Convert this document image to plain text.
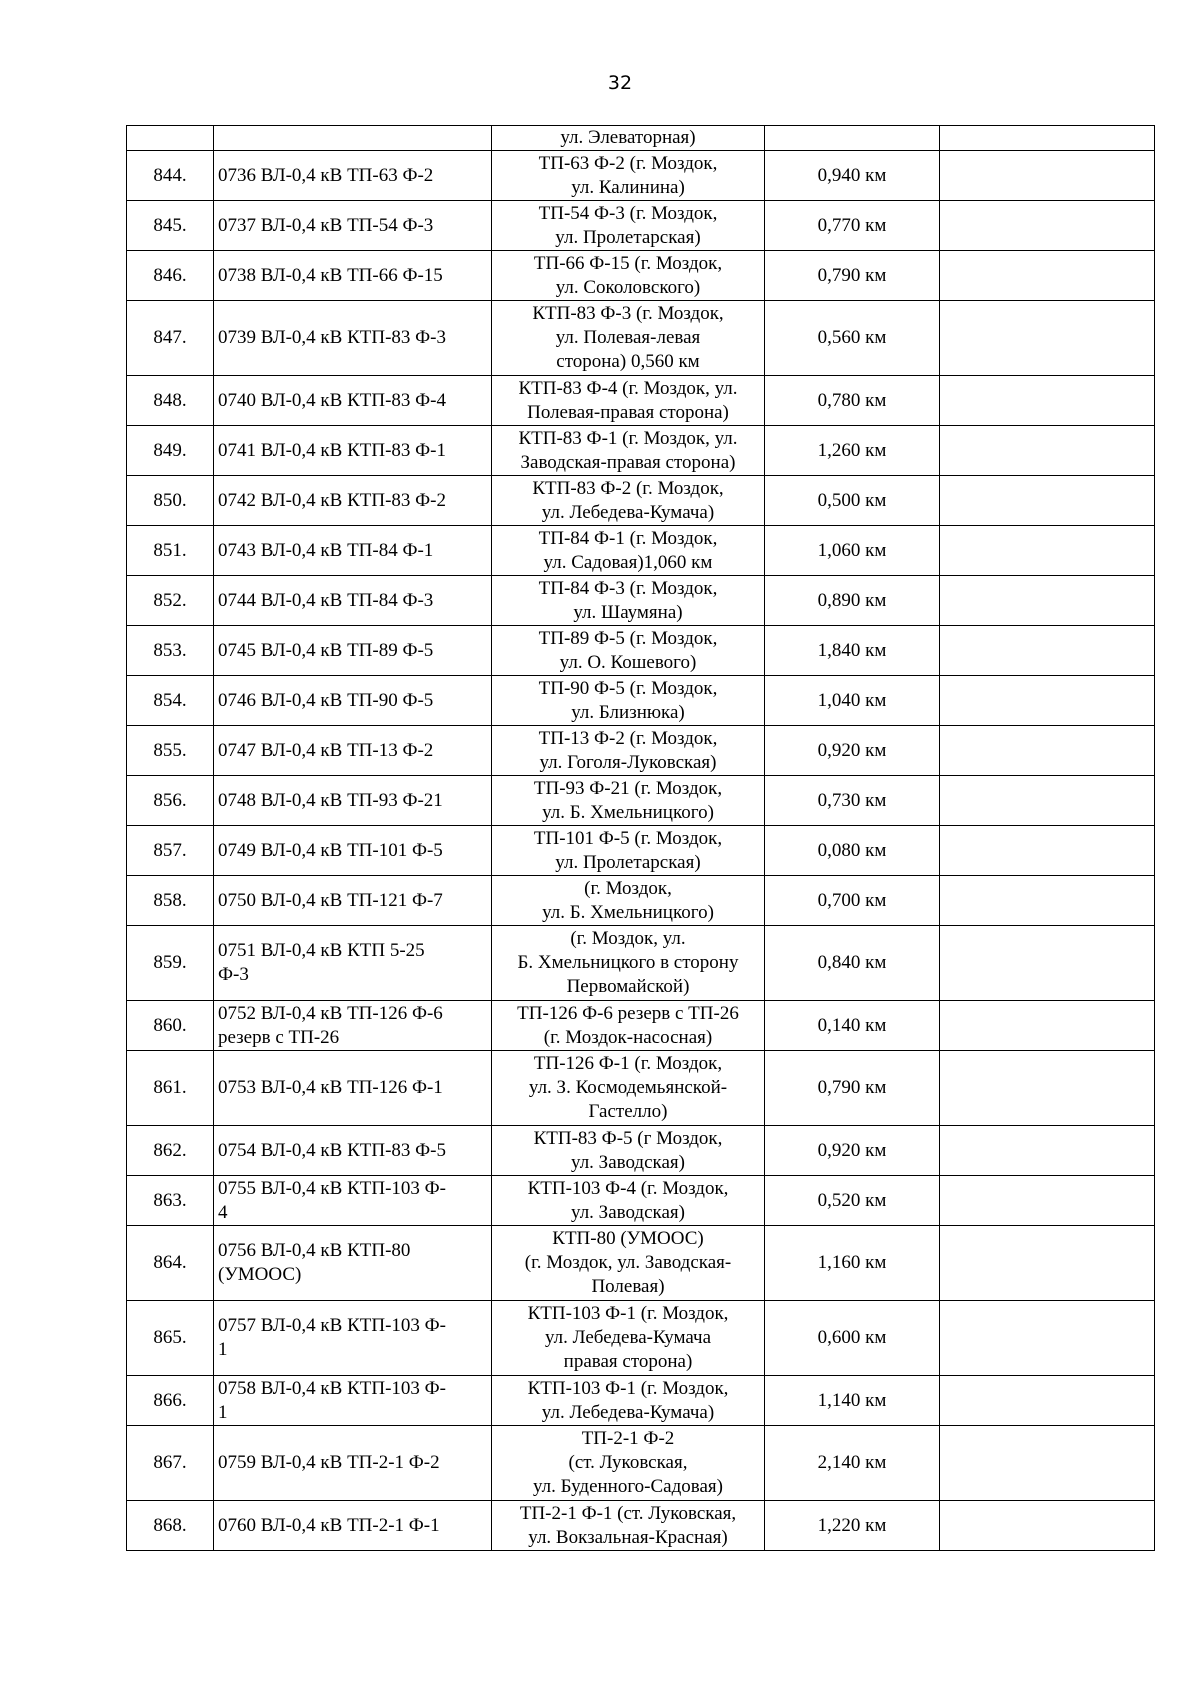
32
		ул. Элеваторная)		
844.	0736 ВЛ-0,4 кВ ТП-63 Ф-2	ТП-63 Ф-2 (г. Моздок,
ул. Калинина)	0,940 км	
845.	0737 ВЛ-0,4 кВ ТП-54 Ф-3	ТП-54 Ф-3 (г. Моздок,
ул. Пролетарская)	0,770 км	
846.	0738 ВЛ-0,4 кВ ТП-66 Ф-15	ТП-66 Ф-15 (г. Моздок,
ул. Соколовского)	0,790 км	
847.	0739 ВЛ-0,4 кВ КТП-83 Ф-3	КТП-83 Ф-3 (г. Моздок,
ул. Полевая-левая
сторона) 0,560 км	0,560 км	
848.	0740 ВЛ-0,4 кВ КТП-83 Ф-4	КТП-83 Ф-4 (г. Моздок, ул.
Полевая-правая сторона)	0,780 км	
849.	0741 ВЛ-0,4 кВ КТП-83 Ф-1	КТП-83 Ф-1 (г. Моздок, ул.
Заводская-правая сторона)	1,260 км	
850.	0742 ВЛ-0,4 кВ КТП-83 Ф-2	КТП-83 Ф-2 (г. Моздок,
ул. Лебедева-Кумача)	0,500 км	
851.	0743 ВЛ-0,4 кВ ТП-84 Ф-1	ТП-84 Ф-1 (г. Моздок,
ул. Садовая)1,060 км	1,060 км	
852.	0744 ВЛ-0,4 кВ ТП-84 Ф-3	ТП-84 Ф-3 (г. Моздок,
ул. Шаумяна)	0,890 км	
853.	0745 ВЛ-0,4 кВ ТП-89 Ф-5	ТП-89 Ф-5 (г. Моздок,
ул. О. Кошевого)	1,840 км	
854.	0746 ВЛ-0,4 кВ ТП-90 Ф-5	ТП-90 Ф-5 (г. Моздок,
ул. Близнюка)	1,040 км	
855.	0747 ВЛ-0,4 кВ ТП-13 Ф-2	ТП-13 Ф-2 (г. Моздок,
ул. Гоголя-Луковская)	0,920 км	
856.	0748 ВЛ-0,4 кВ ТП-93 Ф-21	ТП-93 Ф-21 (г. Моздок,
ул. Б. Хмельницкого)	0,730 км	
857.	0749 ВЛ-0,4 кВ ТП-101 Ф-5	ТП-101 Ф-5 (г. Моздок,
ул. Пролетарская)	0,080 км	
858.	0750 ВЛ-0,4 кВ ТП-121 Ф-7	(г. Моздок,
ул. Б. Хмельницкого)	0,700 км	
859.	0751 ВЛ-0,4 кВ КТП 5-25
Ф-3	(г. Моздок, ул.
Б. Хмельницкого в сторону
Первомайской)	0,840 км	
860.	0752 ВЛ-0,4 кВ ТП-126 Ф-6
резерв с ТП-26	ТП-126 Ф-6 резерв с ТП-26
(г. Моздок-насосная)	0,140 км	
861.	0753 ВЛ-0,4 кВ ТП-126 Ф-1	ТП-126 Ф-1 (г. Моздок,
ул. З. Космодемьянской-
Гастелло)	0,790 км	
862.	0754 ВЛ-0,4 кВ КТП-83 Ф-5	КТП-83 Ф-5 (г Моздок,
ул. Заводская)	0,920 км	
863.	0755 ВЛ-0,4 кВ КТП-103 Ф-
4	КТП-103 Ф-4 (г. Моздок,
ул. Заводская)	0,520 км	
864.	0756 ВЛ-0,4 кВ КТП-80
(УМООС)	КТП-80 (УМООС)
(г. Моздок, ул. Заводская-
Полевая)	1,160 км	
865.	0757 ВЛ-0,4 кВ КТП-103 Ф-
1	КТП-103 Ф-1 (г. Моздок,
ул. Лебедева-Кумача
правая сторона)	0,600 км	
866.	0758 ВЛ-0,4 кВ КТП-103 Ф-
1	КТП-103 Ф-1 (г. Моздок,
ул. Лебедева-Кумача)	1,140 км	
867.	0759 ВЛ-0,4 кВ ТП-2-1 Ф-2	ТП-2-1 Ф-2
(ст. Луковская,
ул. Буденного-Садовая)	2,140 км	
868.	0760 ВЛ-0,4 кВ ТП-2-1 Ф-1	ТП-2-1 Ф-1 (ст. Луковская,
ул. Вокзальная-Красная)	1,220 км	
